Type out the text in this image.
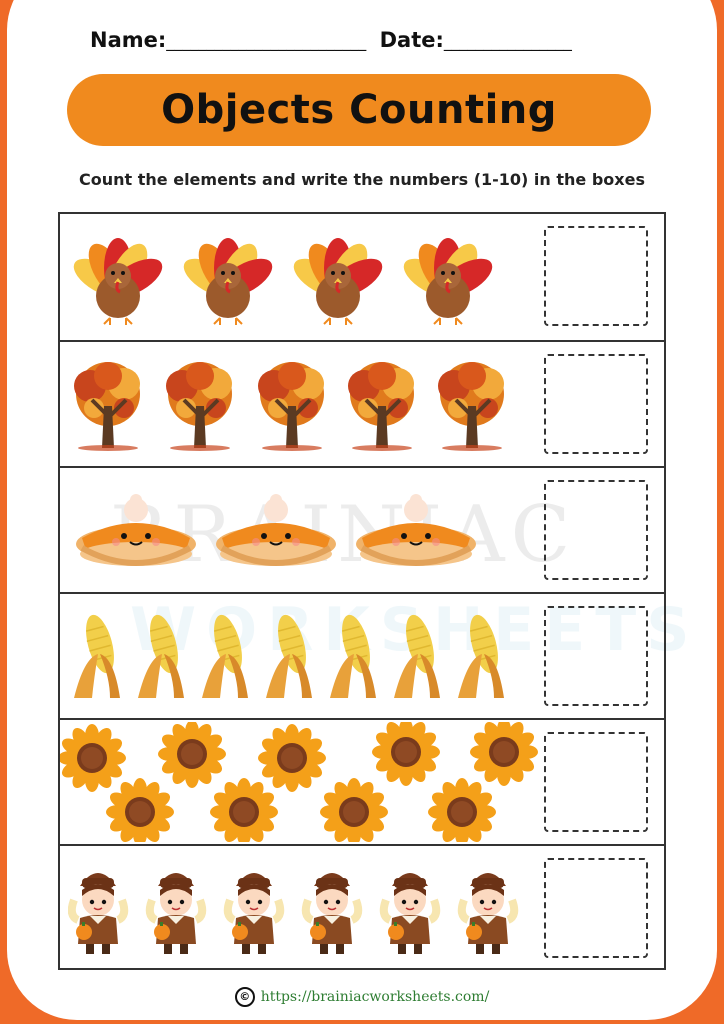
Name:_________________________ Date:________________
Objects Counting
Count the elements and write the numbers (1-10) in the boxes
© https://brainiacworksheets.com/
